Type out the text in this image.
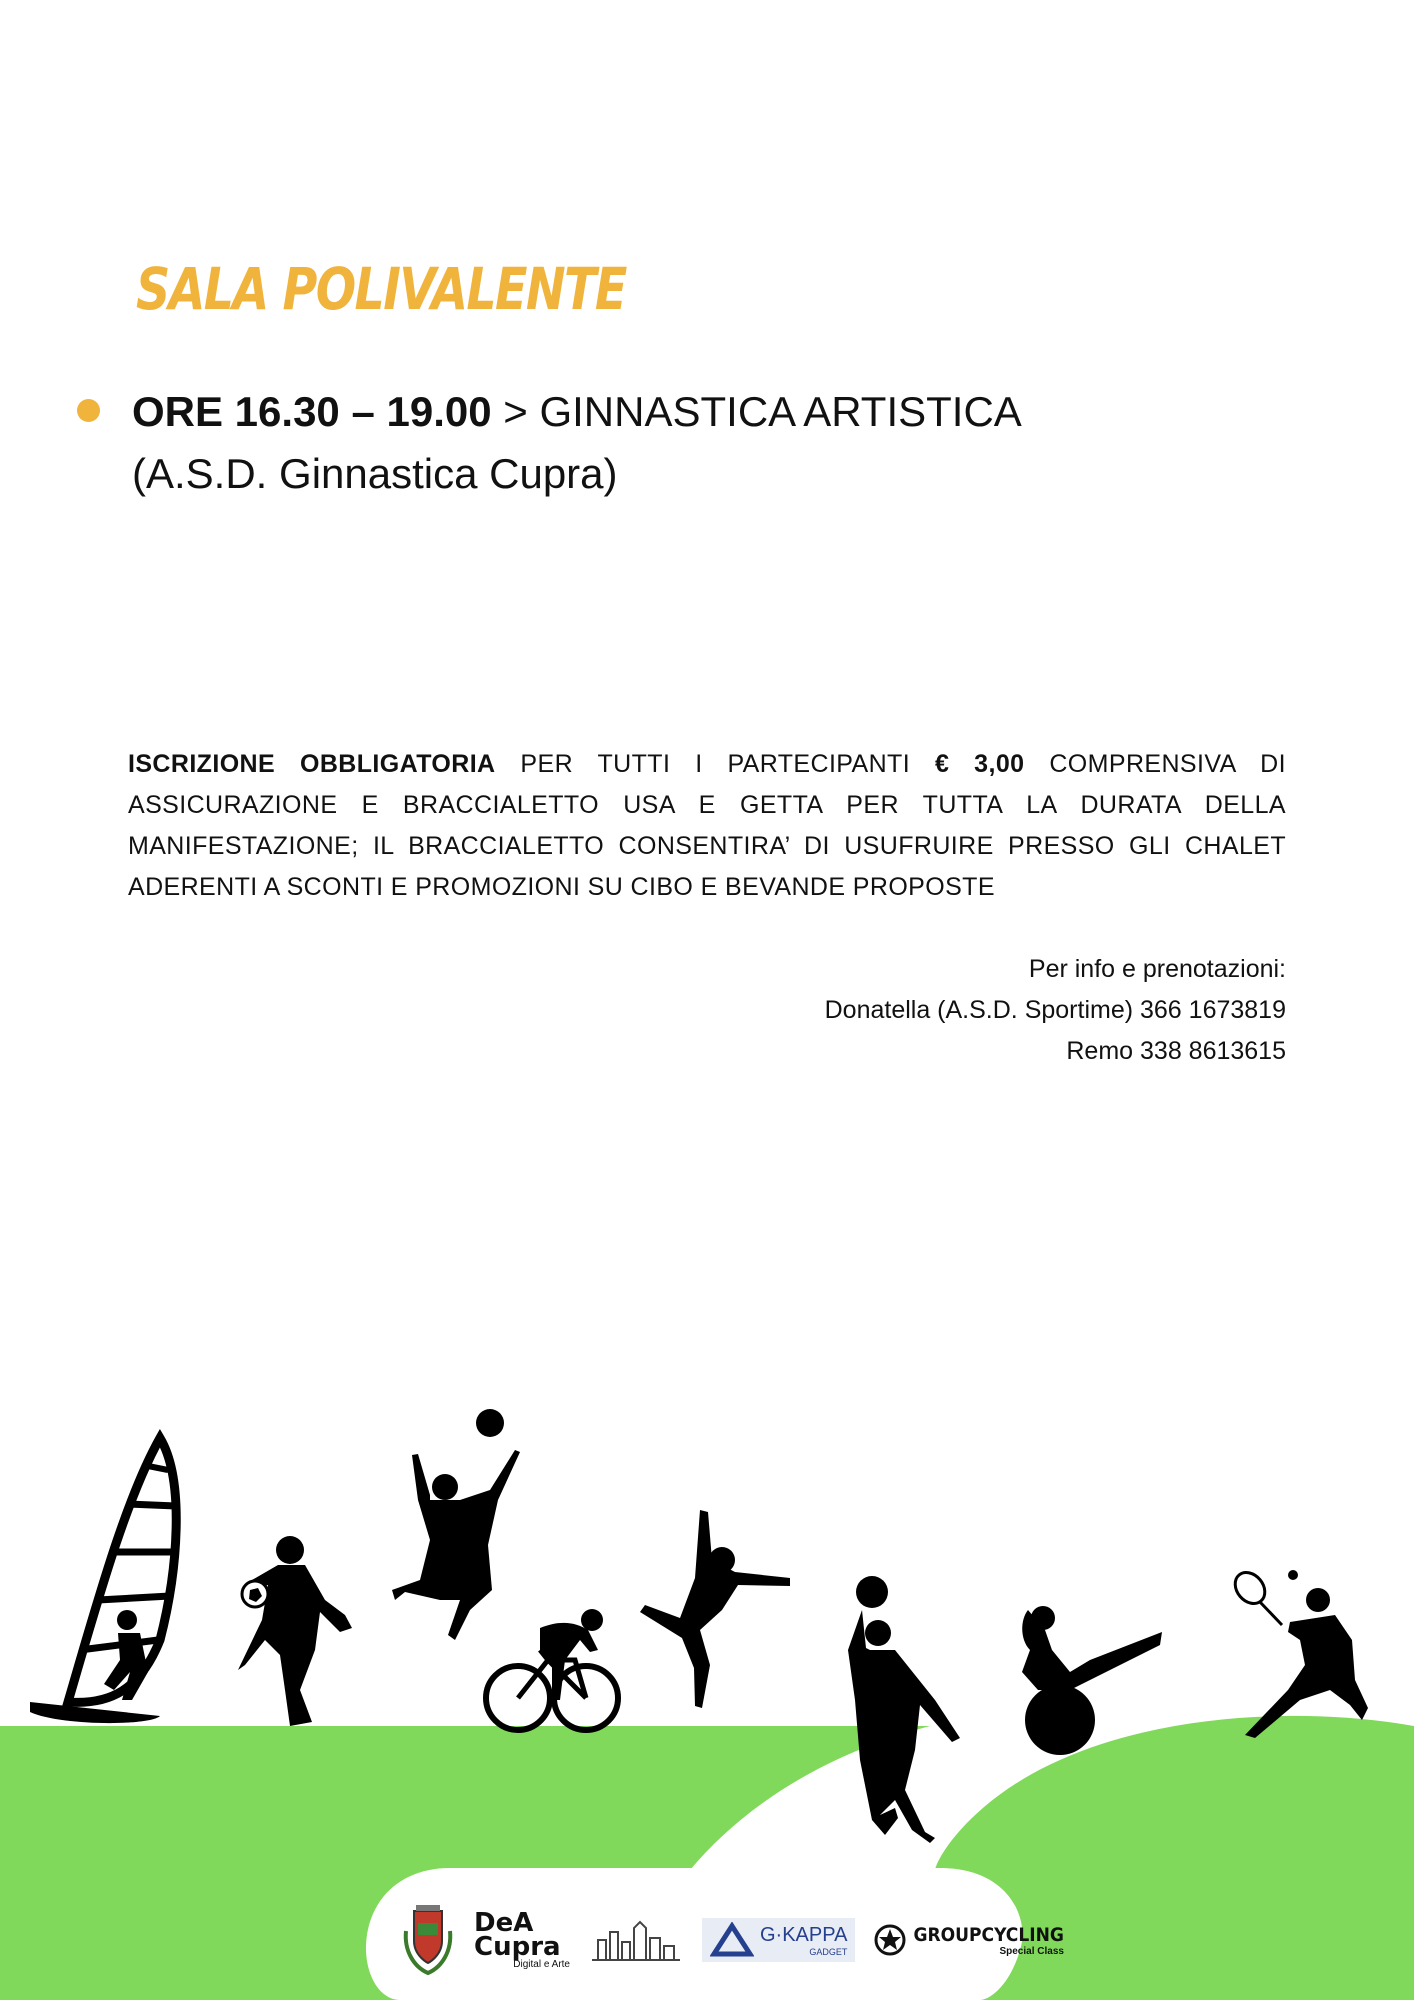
SALA POLIVALENTE
ORE 16.30 – 19.00 > GINNASTICA ARTISTICA
(A.S.D. Ginnastica Cupra)
ISCRIZIONE OBBLIGATORIA PER TUTTI I PARTECIPANTI € 3,00 COMPRENSIVA DI ASSICURAZIONE E BRACCIALETTO USA E GETTA PER TUTTA LA DURATA DELLA MANIFESTAZIONE; IL BRACCIALETTO CONSENTIRA’ DI USUFRUIRE PRESSO GLI CHALET ADERENTI A SCONTI E PROMOZIONI SU CIBO E BEVANDE PROPOSTE
Per info e prenotazioni:
Donatella (A.S.D. Sportime) 366 1673819
Remo 338 8613615
DeA
Cupra
Digital e Arte
G·KAPPA
GADGET
GROUPCYCLING
Special Class
